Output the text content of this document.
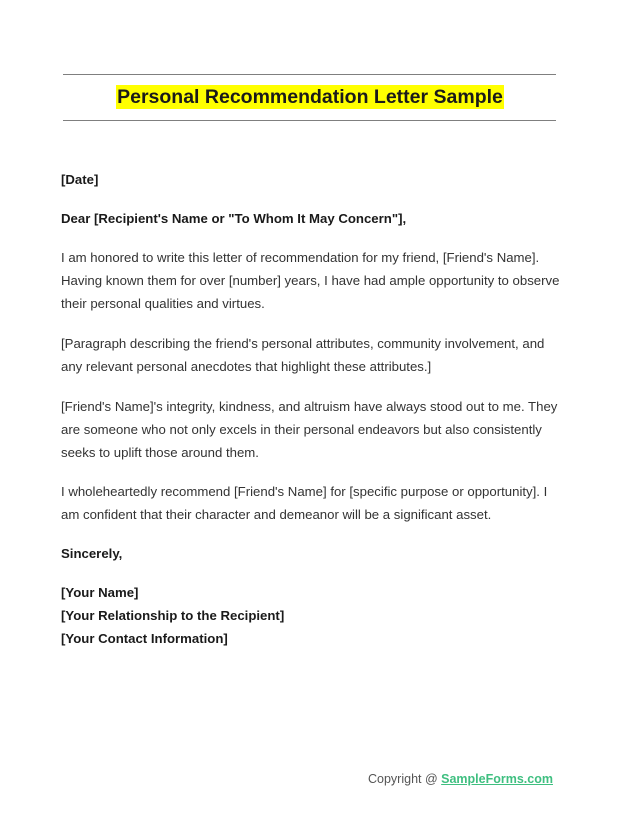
Personal Recommendation Letter Sample

[Date]

Dear [Recipient's Name or "To Whom It May Concern"],

I am honored to write this letter of recommendation for my friend, [Friend's Name]. Having known them for over [number] years, I have had ample opportunity to observe their personal qualities and virtues.

[Paragraph describing the friend's personal attributes, community involvement, and any relevant personal anecdotes that highlight these attributes.]

[Friend's Name]'s integrity, kindness, and altruism have always stood out to me. They are someone who not only excels in their personal endeavors but also consistently seeks to uplift those around them.

I wholeheartedly recommend [Friend's Name] for [specific purpose or opportunity]. I am confident that their character and demeanor will be a significant asset.

Sincerely,

[Your Name]
[Your Relationship to the Recipient]
[Your Contact Information]
Copyright @ SampleForms.com
